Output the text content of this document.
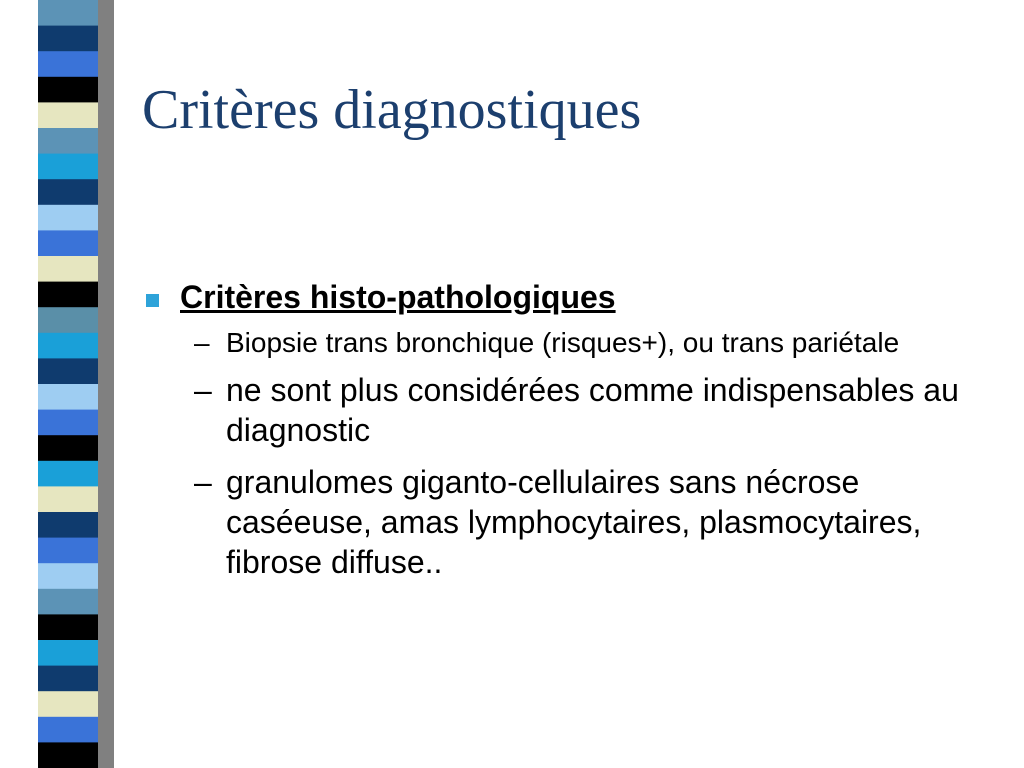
Critères diagnostiques
Critères histo-pathologiques
– Biopsie trans bronchique (risques+), ou trans pariétale
– ne sont plus considérées comme indispensables au diagnostic
– granulomes giganto-cellulaires sans nécrose caséeuse, amas lymphocytaires, plasmocytaires, fibrose diffuse..
